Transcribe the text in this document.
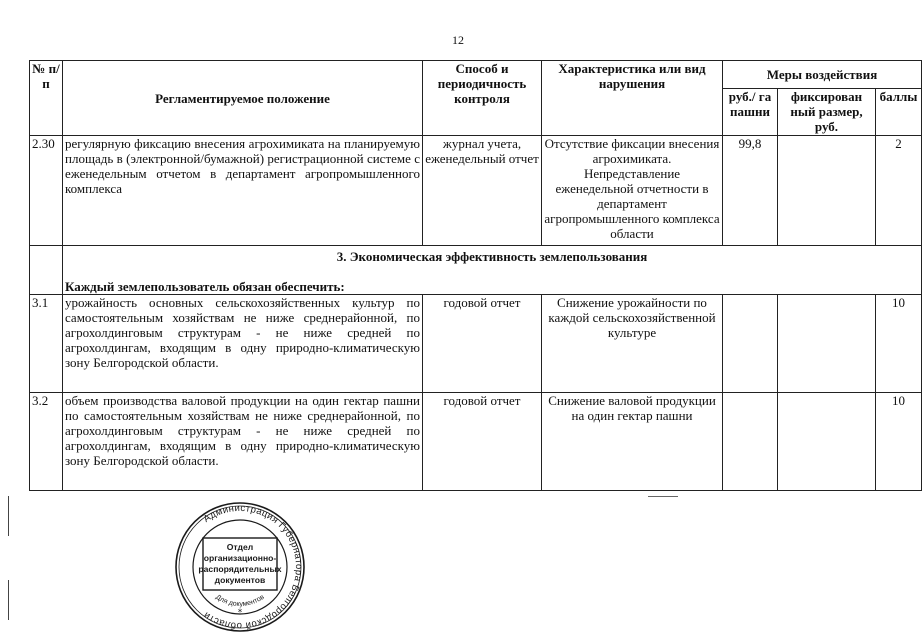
12
№ п/п	Регламентируемое положение	Способ и периодичность контроля	Характеристика или вид нарушения	Меры воздействия		
				руб./ га пашни	фиксирован ный размер, руб.	баллы
2.30	регулярную фиксацию внесения агрохимиката на планируемую площадь в (электронной/бумажной) регистрационной системе с еженедельным отчетом в департамент агропромышленного комплекса	журнал учета, еженедельный отчет	Отсутствие фиксации внесения агрохимиката. Непредставление еженедельной отчетности в департамент агропромышленного комплекса области	99,8		2

	3. Экономическая эффективность землепользования
Каждый землепользователь обязан обеспечить:					

3.1	урожайность основных сельскохозяйственных культур по самостоятельным хозяйствам не ниже среднерайонной, по агрохолдинговым структурам - не ниже средней по агрохолдингам, входящим в одну природно-климатическую зону Белгородской области.	годовой отчет	Снижение урожайности по каждой сельскохозяйственной культуре			10
3.2	объем производства валовой продукции на один гектар пашни по самостоятельным хозяйствам не ниже среднерайонной, по агрохолдинговым структурам - не ниже средней по агрохолдингам, входящим в одну природно-климатическую зону Белгородской области.	годовой отчет	Снижение валовой продукции на один гектар пашни			10
Администрация Губернатора Белгородской области
Отдел
организационно-
распорядительных
документов
Для документов
*
